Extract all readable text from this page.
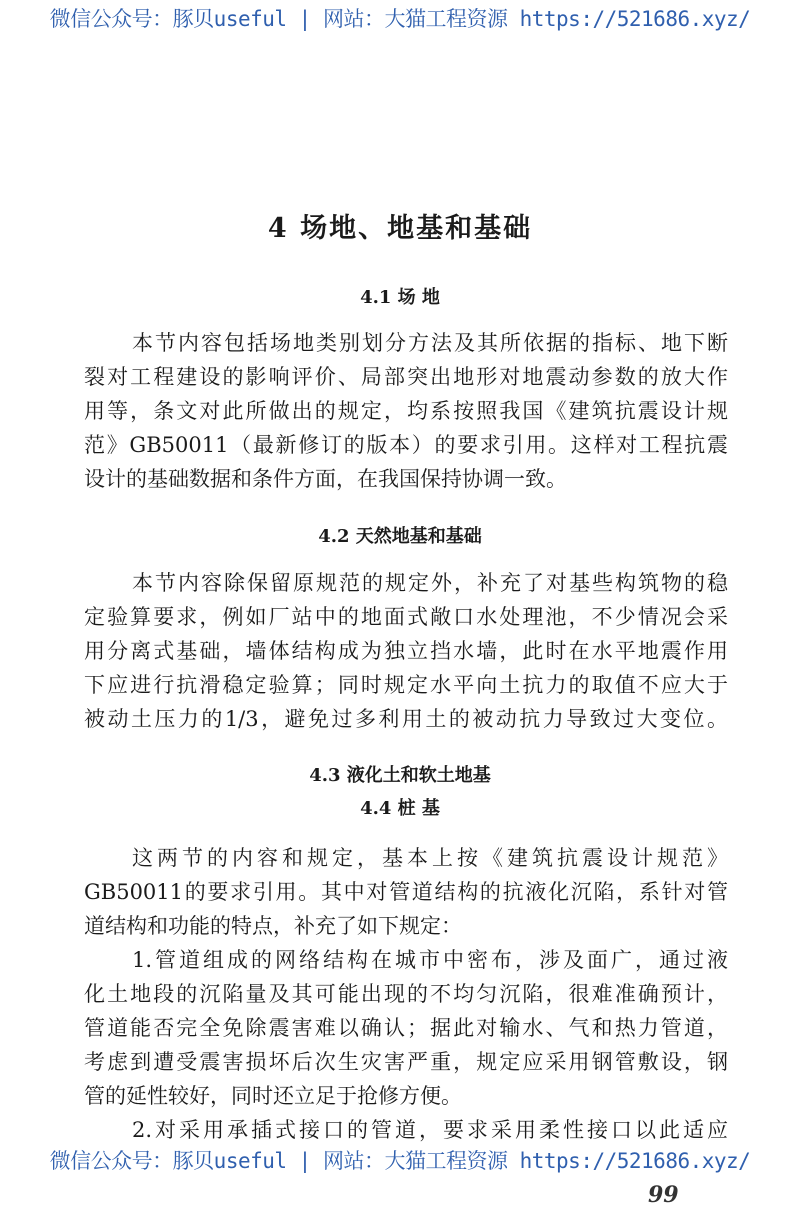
微信公众号：豚贝useful | 网站：大猫工程资源 https://521686.xyz/
4 场地、地基和基础
4.1 场 地
本节内容包括场地类别划分方法及其所依据的指标、地下断
裂对工程建设的影响评价、局部突出地形对地震动参数的放大作
用等，条文对此所做出的规定，均系按照我国《建筑抗震设计规
范》GB50011（最新修订的版本）的要求引用。这样对工程抗震
设计的基础数据和条件方面，在我国保持协调一致。
4.2 天然地基和基础
本节内容除保留原规范的规定外，补充了对基些构筑物的稳
定验算要求，例如厂站中的地面式敞口水处理池，不少情况会采
用分离式基础，墙体结构成为独立挡水墙，此时在水平地震作用
下应进行抗滑稳定验算；同时规定水平向土抗力的取值不应大于
被动土压力的1/3，避免过多利用土的被动抗力导致过大变位。
4.3 液化土和软土地基
4.4 桩 基
这两节的内容和规定，基本上按《建筑抗震设计规范》
GB50011的要求引用。其中对管道结构的抗液化沉陷，系针对管
道结构和功能的特点，补充了如下规定：
1.管道组成的网络结构在城市中密布，涉及面广，通过液
化土地段的沉陷量及其可能出现的不均匀沉陷，很难准确预计，
管道能否完全免除震害难以确认；据此对输水、气和热力管道，
考虑到遭受震害损坏后次生灾害严重，规定应采用钢管敷设，钢
管的延性较好，同时还立足于抢修方便。
2.对采用承插式接口的管道，要求采用柔性接口以此适应
微信公众号：豚贝useful | 网站：大猫工程资源 https://521686.xyz/
99
